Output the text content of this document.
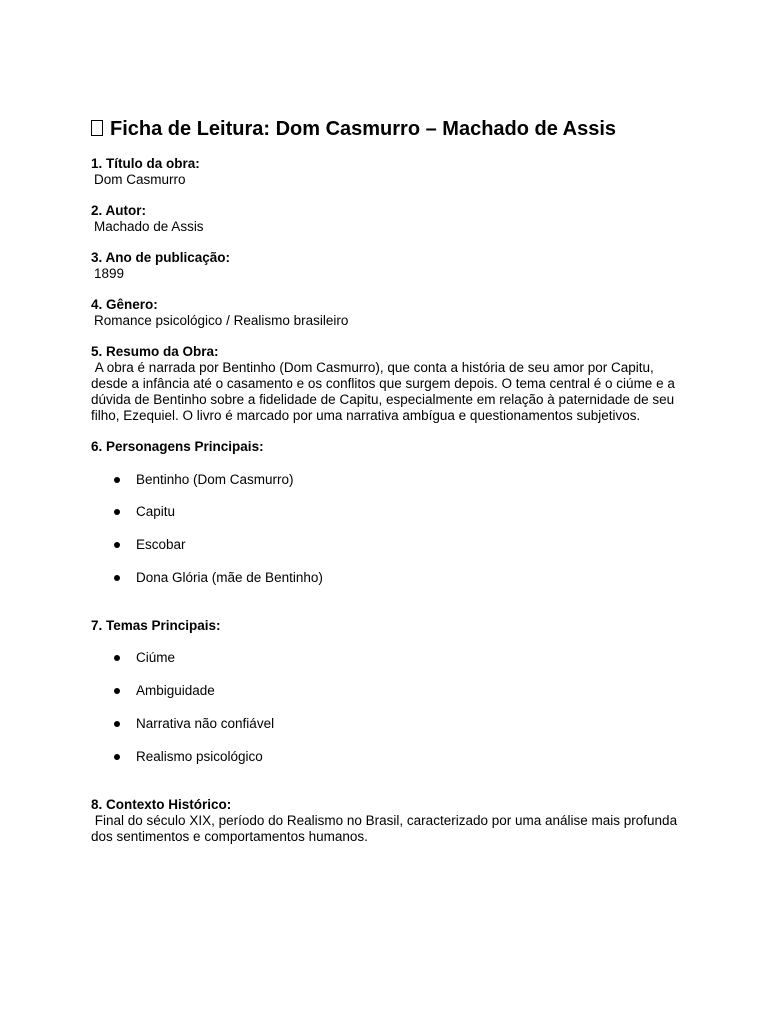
Ficha de Leitura: Dom Casmurro – Machado de Assis
1. Título da obra:
Dom Casmurro
2. Autor:
Machado de Assis
3. Ano de publicação:
1899
4. Gênero:
Romance psicológico / Realismo brasileiro
5. Resumo da Obra:
A obra é narrada por Bentinho (Dom Casmurro), que conta a história de seu amor por Capitu, desde a infância até o casamento e os conflitos que surgem depois. O tema central é o ciúme e a dúvida de Bentinho sobre a fidelidade de Capitu, especialmente em relação à paternidade de seu filho, Ezequiel. O livro é marcado por uma narrativa ambígua e questionamentos subjetivos.
6. Personagens Principais:
Bentinho (Dom Casmurro)
Capitu
Escobar
Dona Glória (mãe de Bentinho)
7. Temas Principais:
Ciúme
Ambiguidade
Narrativa não confiável
Realismo psicológico
8. Contexto Histórico:
Final do século XIX, período do Realismo no Brasil, caracterizado por uma análise mais profunda dos sentimentos e comportamentos humanos.
